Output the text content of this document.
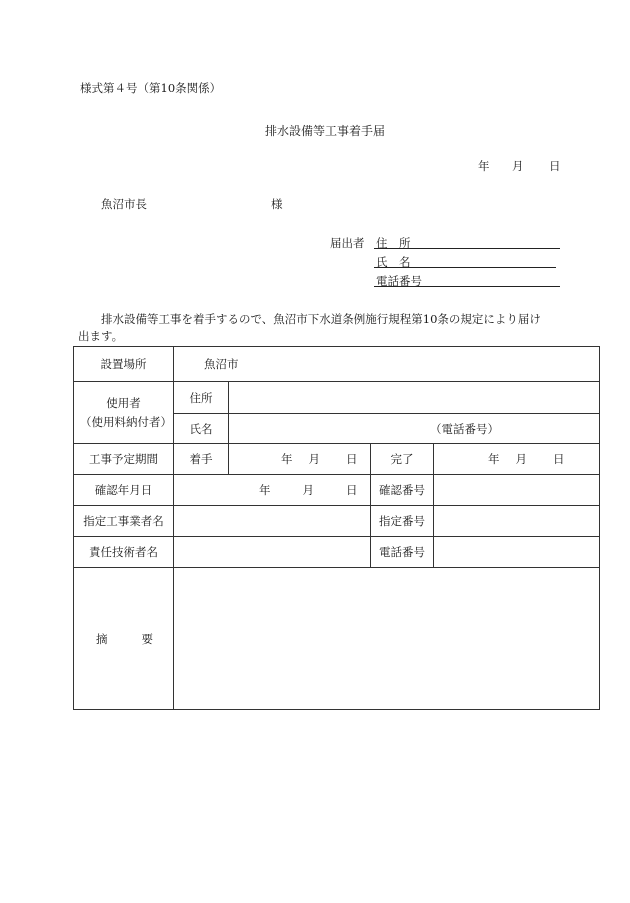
様式第４号（第10条関係）
排水設備等工事着手届
年 月 日
魚沼市長	様
届出者 住　所
氏　名
電話番号
排水設備等工事を着手するので、魚沼市下水道条例施行規程第10条の規定により届け
出ます。
設置場所	魚沼市			

使用者
（使用料納付者）	住所			
	氏名	（電話番号）		
工事予定期間	着手	年 月 日	完了	年 月 日
確認年月日	年 月 日		確認番号	
指定工事業者名			指定番号	
責任技術者名			電話番号	
摘 要				
